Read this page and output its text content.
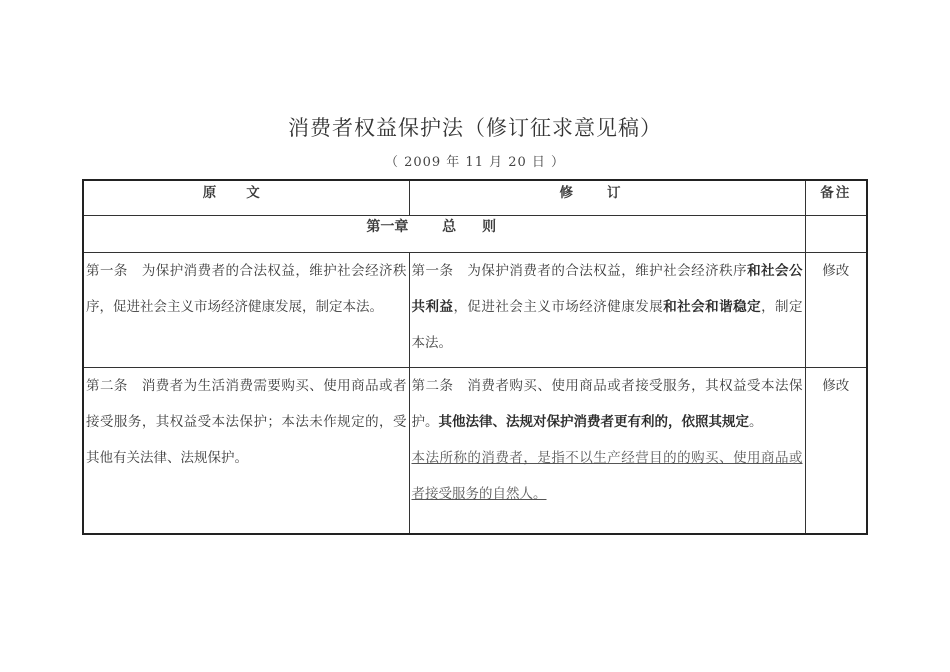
消费者权益保护法（修订征求意见稿）
（ 2009 年 11 月 20 日 ）
原文	修订	备注
第一章 总则		

第一条　为保护消费者的合法权益，维护社会经济秩序，促进社会主义市场经济健康发展，制定本法。	第一条　为保护消费者的合法权益，维护社会经济秩序和社会公共利益，促进社会主义市场经济健康发展和社会和谐稳定，制定本法。	修改

第二条　消费者为生活消费需要购买、使用商品或者接受服务，其权益受本法保护；本法未作规定的，受其他有关法律、法规保护。	第二条　消费者购买、使用商品或者接受服务，其权益受本法保护。其他法律、法规对保护消费者更有利的，依照其规定。
本法所称的消费者，是指不以生产经营目的的购买、使用商品或者接受服务的自然人。	修改
